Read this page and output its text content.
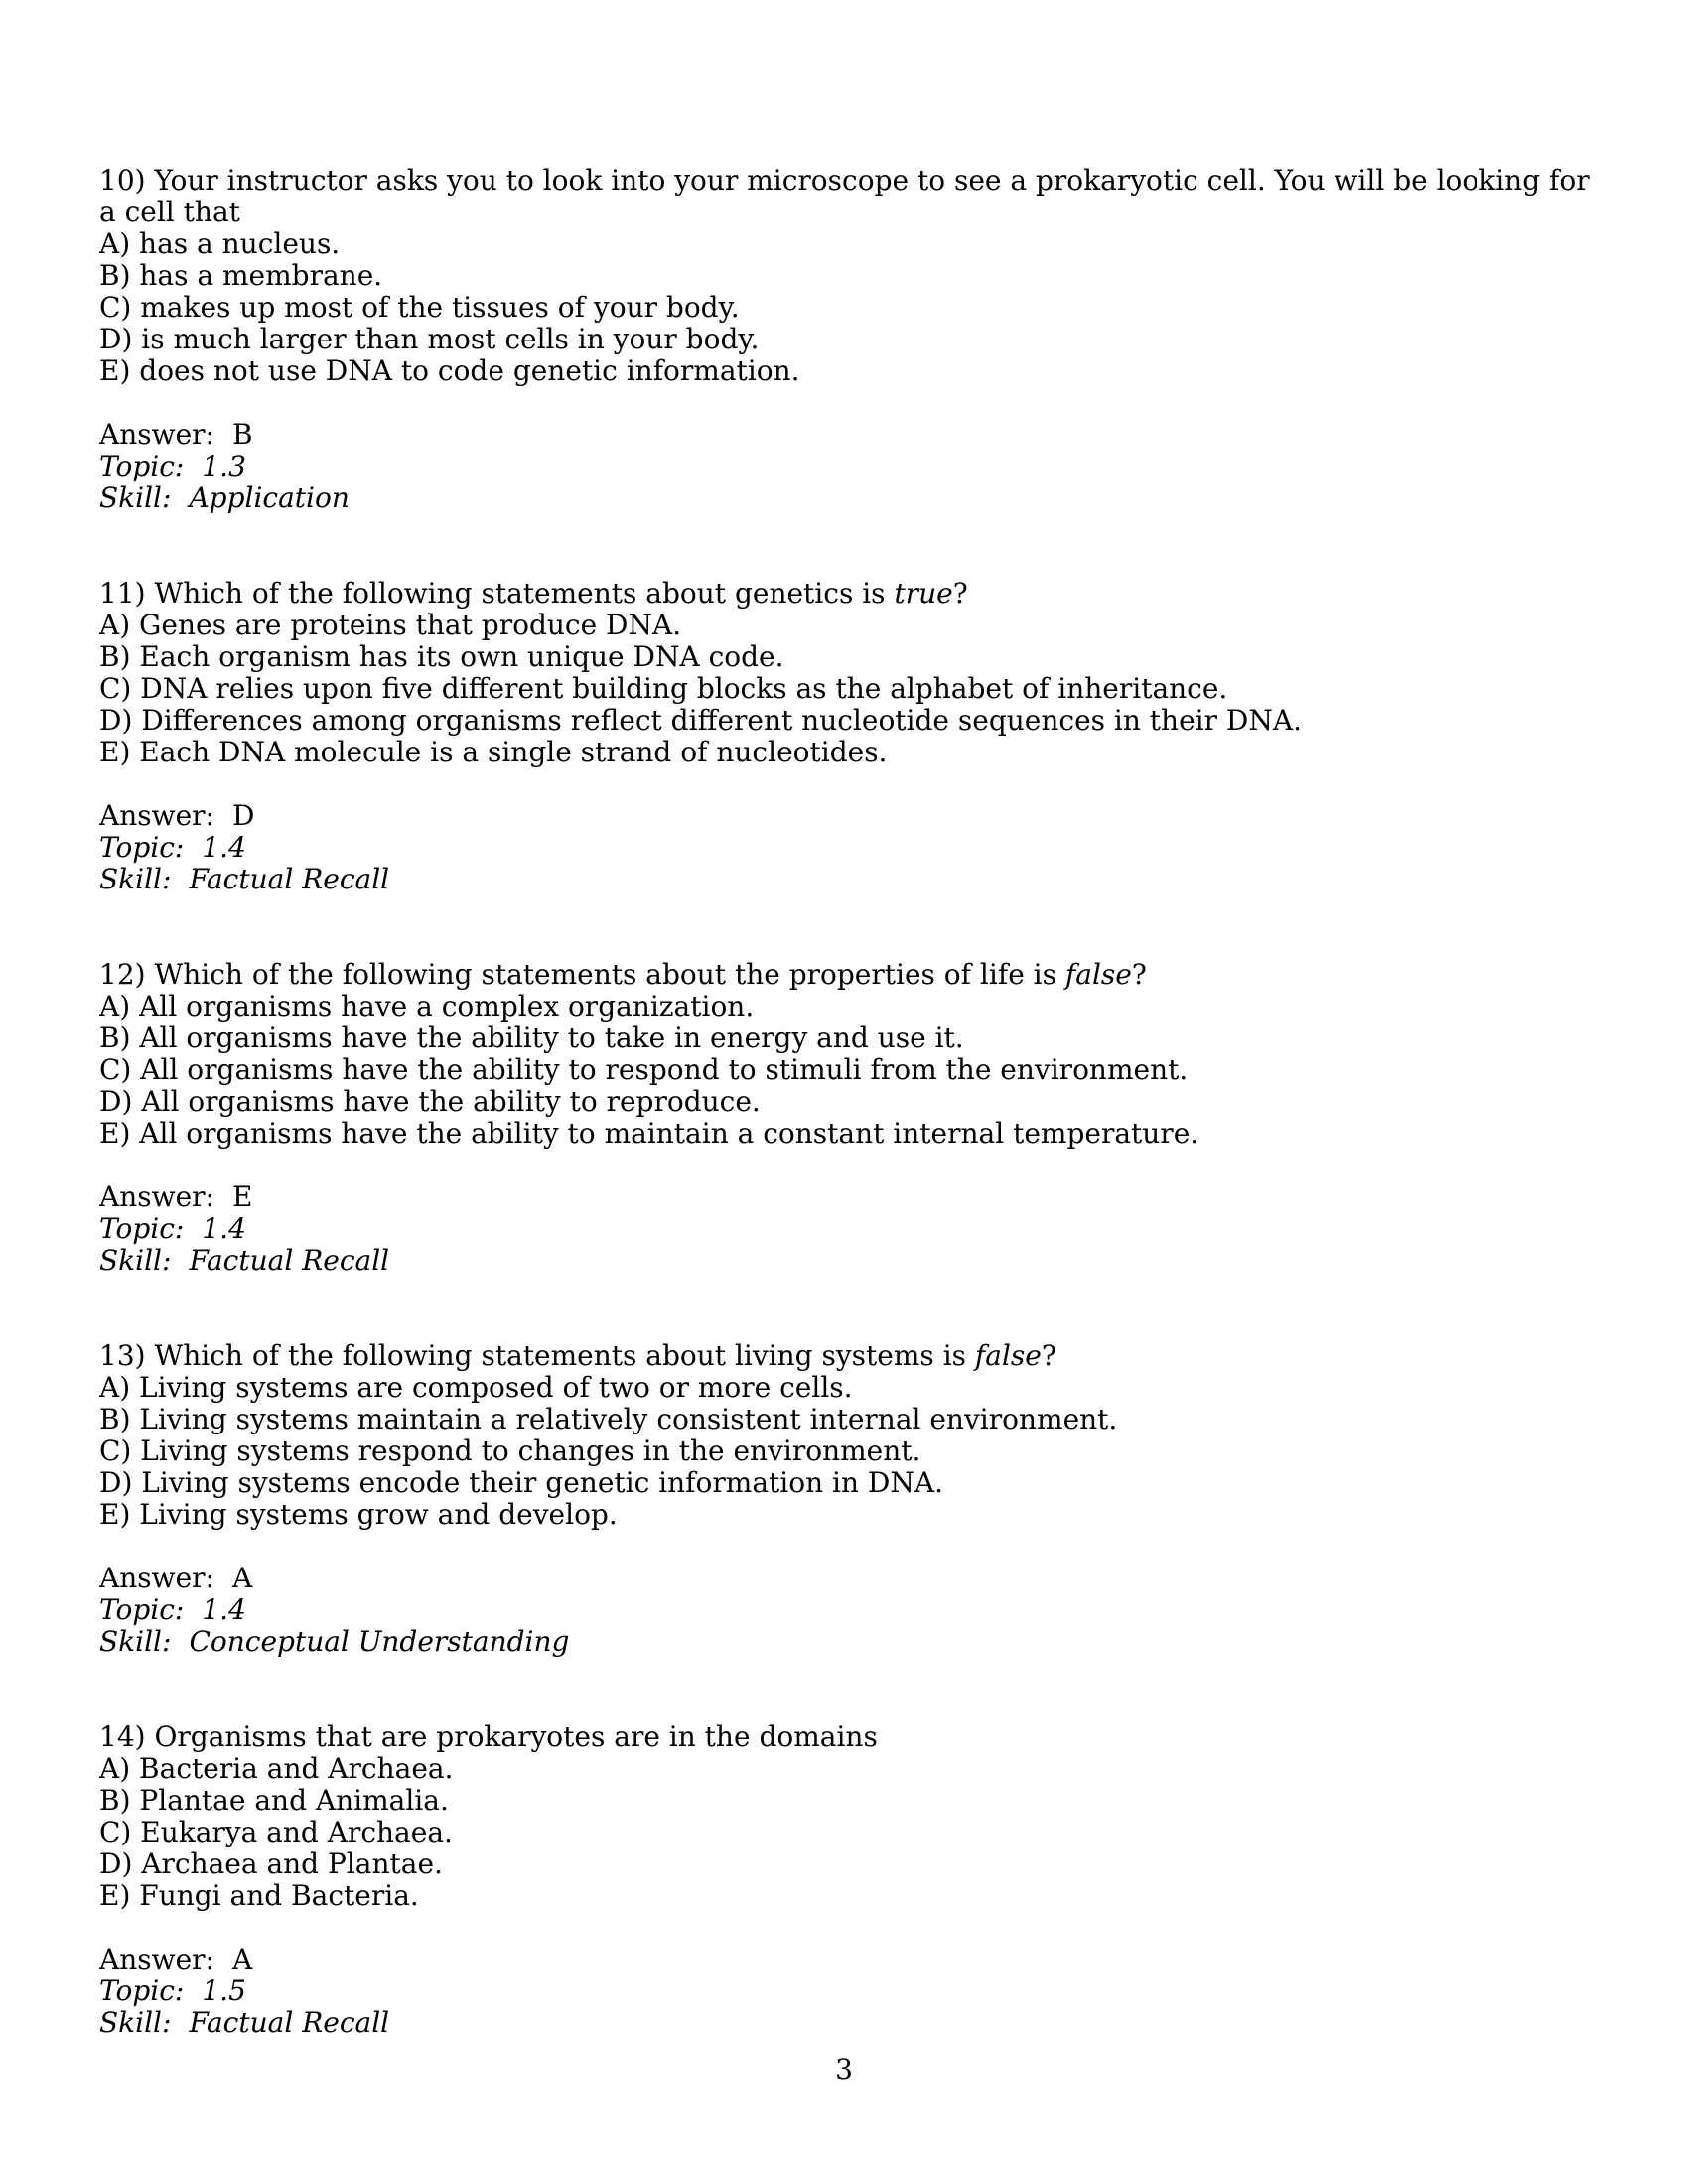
10) Your instructor asks you to look into your microscope to see a prokaryotic cell. You will be looking for
a cell that
A) has a nucleus.
B) has a membrane.
C) makes up most of the tissues of your body.
D) is much larger than most cells in your body.
E) does not use DNA to code genetic information.
Answer: B
Topic: 1.3
Skill: Application
11) Which of the following statements about genetics is true?
A) Genes are proteins that produce DNA.
B) Each organism has its own unique DNA code.
C) DNA relies upon five different building blocks as the alphabet of inheritance.
D) Differences among organisms reflect different nucleotide sequences in their DNA.
E) Each DNA molecule is a single strand of nucleotides.
Answer: D
Topic: 1.4
Skill: Factual Recall
12) Which of the following statements about the properties of life is false?
A) All organisms have a complex organization.
B) All organisms have the ability to take in energy and use it.
C) All organisms have the ability to respond to stimuli from the environment.
D) All organisms have the ability to reproduce.
E) All organisms have the ability to maintain a constant internal temperature.
Answer: E
Topic: 1.4
Skill: Factual Recall
13) Which of the following statements about living systems is false?
A) Living systems are composed of two or more cells.
B) Living systems maintain a relatively consistent internal environment.
C) Living systems respond to changes in the environment.
D) Living systems encode their genetic information in DNA.
E) Living systems grow and develop.
Answer: A
Topic: 1.4
Skill: Conceptual Understanding
14) Organisms that are prokaryotes are in the domains
A) Bacteria and Archaea.
B) Plantae and Animalia.
C) Eukarya and Archaea.
D) Archaea and Plantae.
E) Fungi and Bacteria.
Answer: A
Topic: 1.5
Skill: Factual Recall
3
